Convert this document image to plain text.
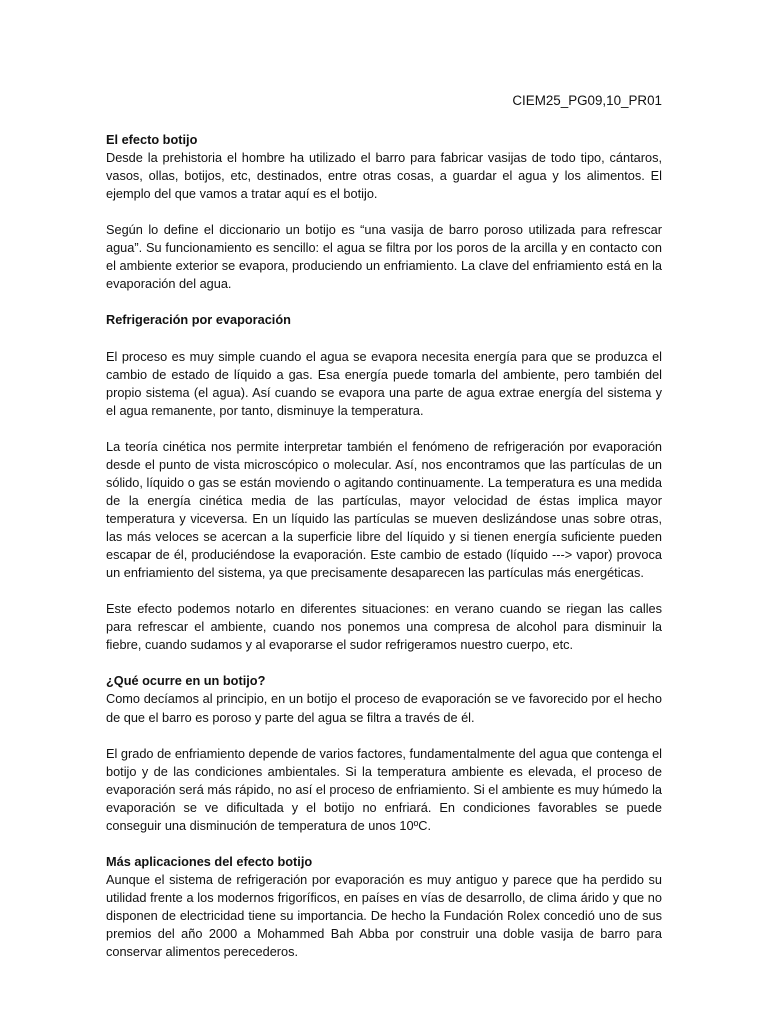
CIEM25_PG09,10_PR01
El efecto botijo

Desde la prehistoria el hombre ha utilizado el barro para fabricar vasijas de todo tipo, cántaros, vasos, ollas, botijos, etc, destinados, entre otras cosas, a guardar el agua y los alimentos. El ejemplo del que vamos a tratar aquí es el botijo.

Según lo define el diccionario un botijo es “una vasija de barro poroso utilizada para refrescar agua”. Su funcionamiento es sencillo: el agua se filtra por los poros de la arcilla y en contacto con el ambiente exterior se evapora, produciendo un enfriamiento. La clave del enfriamiento está en la evaporación del agua.

Refrigeración por evaporación

El proceso es muy simple cuando el agua se evapora necesita energía para que se produzca el cambio de estado de líquido a gas. Esa energía puede tomarla del ambiente, pero también del propio sistema (el agua). Así cuando se evapora una parte de agua extrae energía del sistema y el agua remanente, por tanto, disminuye la temperatura.

La teoría cinética nos permite interpretar también el fenómeno de refrigeración por evaporación desde el punto de vista microscópico o molecular. Así, nos encontramos que las partículas de un sólido, líquido o gas se están moviendo o agitando continuamente. La temperatura es una medida de la energía cinética media de las partículas, mayor velocidad de éstas implica mayor temperatura y viceversa. En un líquido las partículas se mueven deslizándose unas sobre otras, las más veloces se acercan a la superficie libre del líquido y si tienen energía suficiente pueden escapar de él, produciéndose la evaporación. Este cambio de estado (líquido ---> vapor) provoca un enfriamiento del sistema, ya que precisamente desaparecen las partículas más energéticas.

Este efecto podemos notarlo en diferentes situaciones: en verano cuando se riegan las calles para refrescar el ambiente, cuando nos ponemos una compresa de alcohol para disminuir la fiebre, cuando sudamos y al evaporarse el sudor refrigeramos nuestro cuerpo, etc.

¿Qué ocurre en un botijo?

Como decíamos al principio, en un botijo el proceso de evaporación se ve favorecido por el hecho de que el barro es poroso y parte del agua se filtra a través de él.

El grado de enfriamiento depende de varios factores, fundamentalmente del agua que contenga el botijo y de las condiciones ambientales. Si la temperatura ambiente es elevada, el proceso de evaporación será más rápido, no así el proceso de enfriamiento. Si el ambiente es muy húmedo la evaporación se ve dificultada y el botijo no enfriará. En condiciones favorables se puede conseguir una disminución de temperatura de unos 10ºC.

Más aplicaciones del efecto botijo

Aunque el sistema de refrigeración por evaporación es muy antiguo y parece que ha perdido su utilidad frente a los modernos frigoríficos, en países en vías de desarrollo, de clima árido y que no disponen de electricidad tiene su importancia. De hecho la Fundación Rolex concedió uno de sus premios del año 2000 a Mohammed Bah Abba por construir una doble vasija de barro para conservar alimentos perecederos.
